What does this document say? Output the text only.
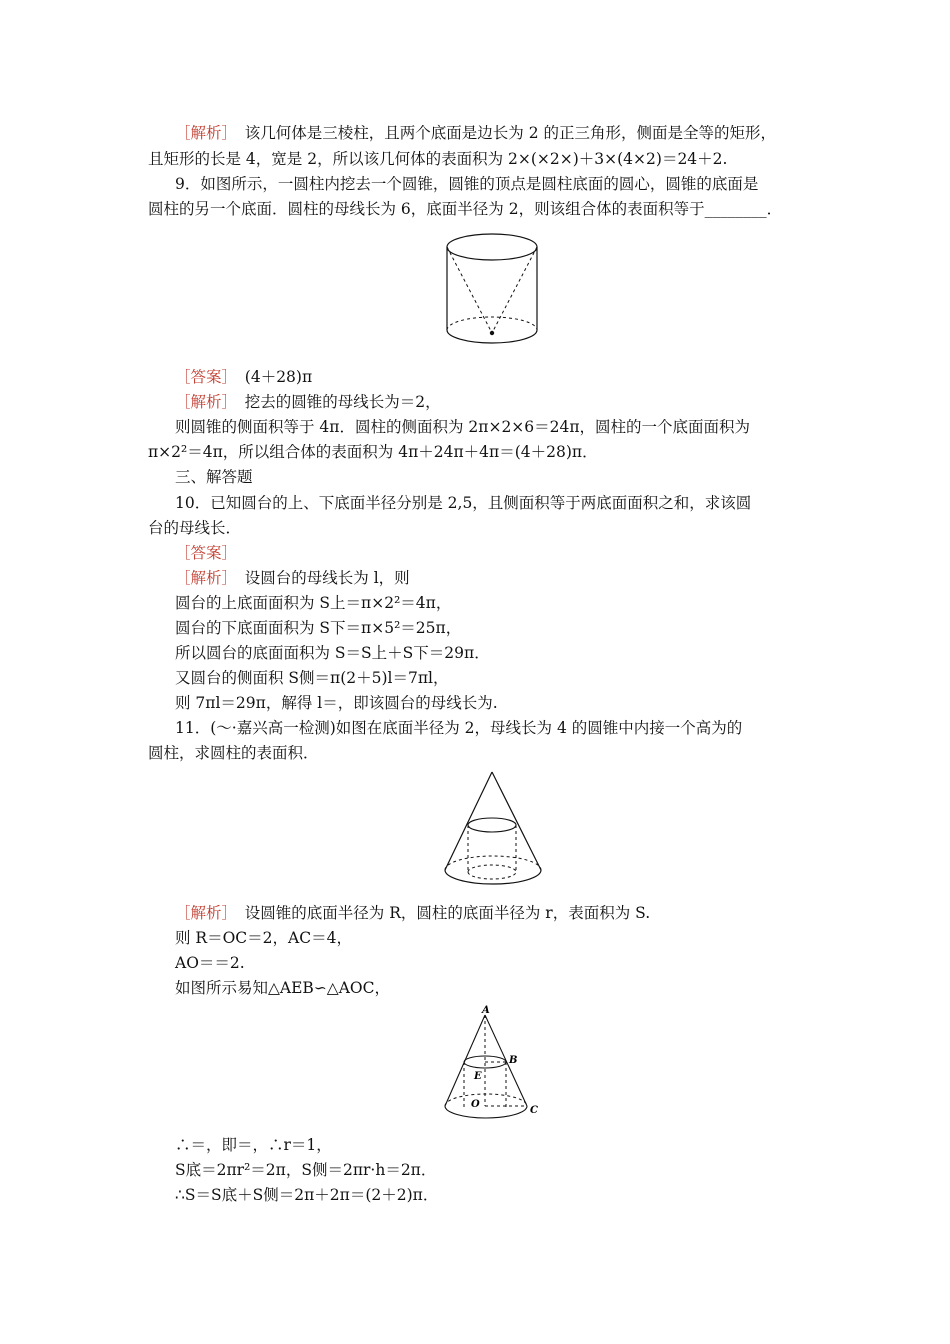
［解析］　 该几何体是三棱柱，且两个底面是边长为 2 的正三角形，侧面是全等的矩形，
且矩形的长是 4，宽是 2，所以该几何体的表面积为 2×(×2×)＋3×(4×2)＝24＋2.
9．如图所示，一圆柱内挖去一个圆锥，圆锥的顶点是圆柱底面的圆心，圆锥的底面是
圆柱的另一个底面．圆柱的母线长为 6，底面半径为 2，则该组合体的表面积等于________．
［答案］　 (4＋28)π
［解析］　 挖去的圆锥的母线长为＝2，
则圆锥的侧面积等于 4π．圆柱的侧面积为 2π×2×6＝24π，圆柱的一个底面面积为
π×2²＝4π，所以组合体的表面积为 4π＋24π＋4π＝(4＋28)π．
三、解答题
10．已知圆台的上、下底面半径分别是 2,5，且侧面积等于两底面面积之和，求该圆
台的母线长．
［答案］
［解析］　 设圆台的母线长为 l，则
圆台的上底面面积为 S上＝π×2²＝4π，
圆台的下底面面积为 S下＝π×5²＝25π，
所以圆台的底面面积为 S＝S上＋S下＝29π．
又圆台的侧面积 S侧＝π(2＋5)l＝7πl，
则 7πl＝29π，解得 l＝，即该圆台的母线长为.
11．(～·嘉兴高一检测)如图在底面半径为 2，母线长为 4 的圆锥中内接一个高为的
圆柱，求圆柱的表面积．
［解析］　 设圆锥的底面半径为 R，圆柱的底面半径为 r，表面积为 S.
则 R＝OC＝2，AC＝4，
AO＝＝2.
如图所示易知△AEB∽△AOC，
A
B
E
O
C
∴＝，即＝，∴r＝1，
S底＝2πr²＝2π，S侧＝2πr·h＝2π．
∴S＝S底＋S侧＝2π＋2π＝(2＋2)π．
